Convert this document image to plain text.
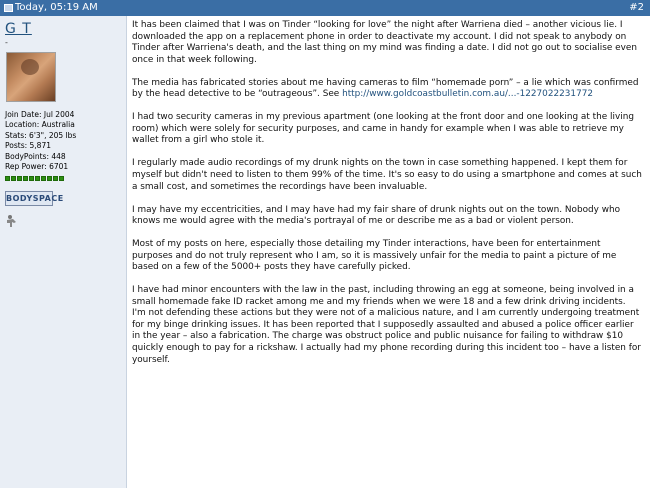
Today, 05:19 AM	#2
G T
-
Join Date: Jul 2004
Location: Australia
Stats: 6'3", 205 lbs
Posts: 5,871
BodyPoints: 448
Rep Power: 6701
BODYSPACE

It has been claimed that I was on Tinder “looking for love” the night after Warriena died – another vicious lie. I downloaded the app on a replacement phone in order to deactivate my account. I did not speak to anybody on Tinder after Warriena's death, and the last thing on my mind was finding a date. I did not go out to socialise even once in that week following.

The media has fabricated stories about me having cameras to film “homemade porn” – a lie which was confirmed by the head detective to be “outrageous”. See http://www.goldcoastbulletin.com.au/...-1227022231772

I had two security cameras in my previous apartment (one looking at the front door and one looking at the living room) which were solely for security purposes, and came in handy for example when I was able to retrieve my wallet from a girl who stole it.

I regularly made audio recordings of my drunk nights on the town in case something happened. I kept them for myself but didn't need to listen to them 99% of the time. It's so easy to do using a smartphone and comes at such a small cost, and sometimes the recordings have been invaluable.

I may have my eccentricities, and I may have had my fair share of drunk nights out on the town. Nobody who knows me would agree with the media's portrayal of me or describe me as a bad or violent person.

Most of my posts on here, especially those detailing my Tinder interactions, have been for entertainment purposes and do not truly represent who I am, so it is massively unfair for the media to paint a picture of me based on a few of the 5000+ posts they have carefully picked.

I have had minor encounters with the law in the past, including throwing an egg at someone, being involved in a small homemade fake ID racket among me and my friends when we were 18 and a few drink driving incidents. I'm not defending these actions but they were not of a malicious nature, and I am currently undergoing treatment for my binge drinking issues. It has been reported that I supposedly assaulted and abused a police officer earlier in the year – also a fabrication. The charge was obstruct police and public nuisance for failing to withdraw $10 quickly enough to pay for a rickshaw. I actually had my phone recording during this incident too – have a listen for yourself.
